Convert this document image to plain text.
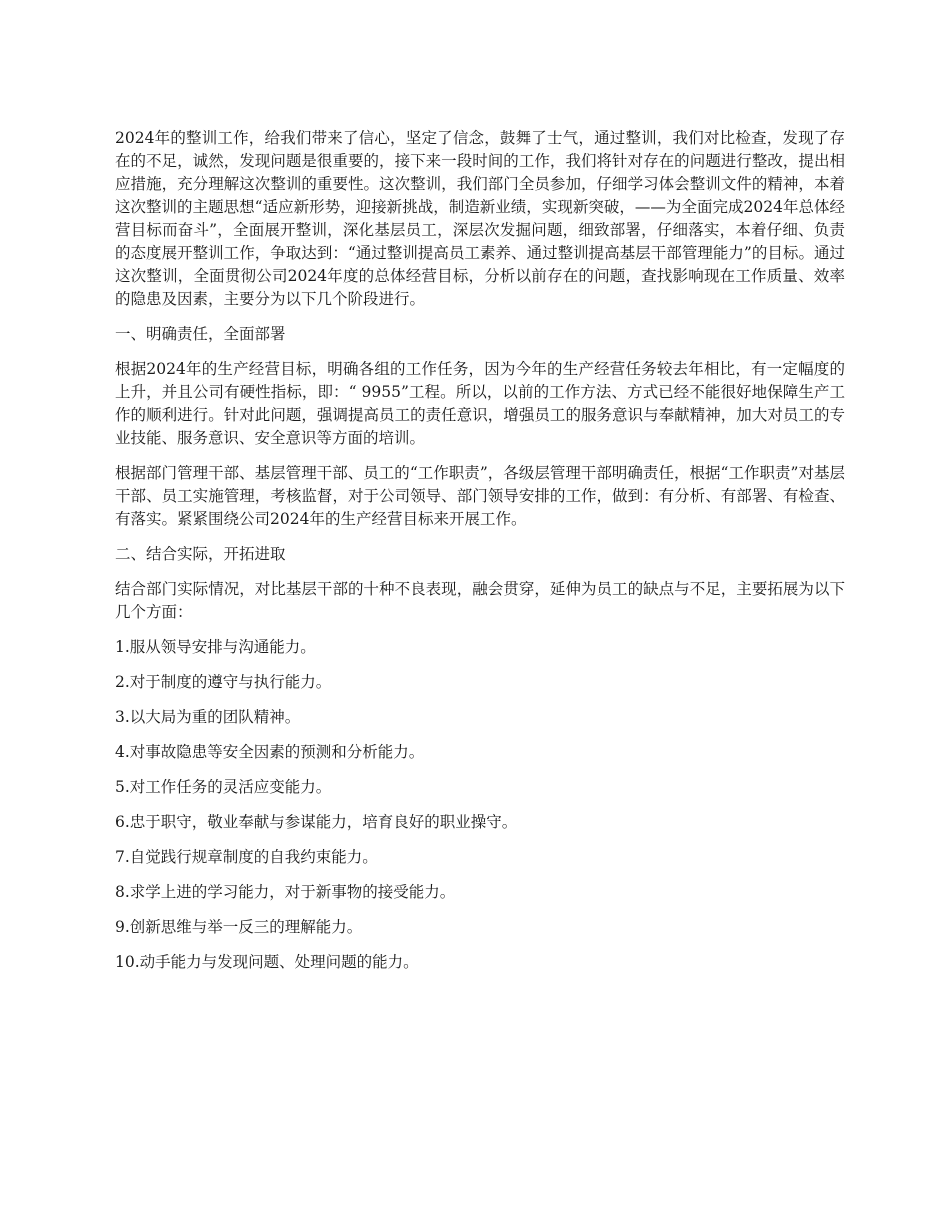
2024年的整训工作，给我们带来了信心，坚定了信念，鼓舞了士气，通过整训，我们对比检查，发现了存在的不足，诚然，发现问题是很重要的，接下来一段时间的工作，我们将针对存在的问题进行整改，提出相应措施，充分理解这次整训的重要性。这次整训，我们部门全员参加，仔细学习体会整训文件的精神，本着这次整训的主题思想“适应新形势，迎接新挑战，制造新业绩，实现新突破，——为全面完成2024年总体经营目标而奋斗”，全面展开整训，深化基层员工，深层次发掘问题，细致部署，仔细落实，本着仔细、负责的态度展开整训工作，争取达到：“通过整训提高员工素养、通过整训提高基层干部管理能力”的目标。通过这次整训，全面贯彻公司2024年度的总体经营目标，分析以前存在的问题，查找影响现在工作质量、效率的隐患及因素，主要分为以下几个阶段进行。

一、明确责任，全面部署

根据2024年的生产经营目标，明确各组的工作任务，因为今年的生产经营任务较去年相比，有一定幅度的上升，并且公司有硬性指标，即：“ 9955”工程。所以，以前的工作方法、方式已经不能很好地保障生产工作的顺利进行。针对此问题，强调提高员工的责任意识，增强员工的服务意识与奉献精神，加大对员工的专业技能、服务意识、安全意识等方面的培训。

根据部门管理干部、基层管理干部、员工的“工作职责”，各级层管理干部明确责任，根据“工作职责”对基层干部、员工实施管理，考核监督，对于公司领导、部门领导安排的工作，做到：有分析、有部署、有检查、有落实。紧紧围绕公司2024年的生产经营目标来开展工作。

二、结合实际，开拓进取

结合部门实际情况，对比基层干部的十种不良表现，融会贯穿，延伸为员工的缺点与不足，主要拓展为以下几个方面：

1.服从领导安排与沟通能力。
2.对于制度的遵守与执行能力。
3.以大局为重的团队精神。
4.对事故隐患等安全因素的预测和分析能力。
5.对工作任务的灵活应变能力。
6.忠于职守，敬业奉献与参谋能力，培育良好的职业操守。
7.自觉践行规章制度的自我约束能力。
8.求学上进的学习能力，对于新事物的接受能力。
9.创新思维与举一反三的理解能力。
10.动手能力与发现问题、处理问题的能力。
